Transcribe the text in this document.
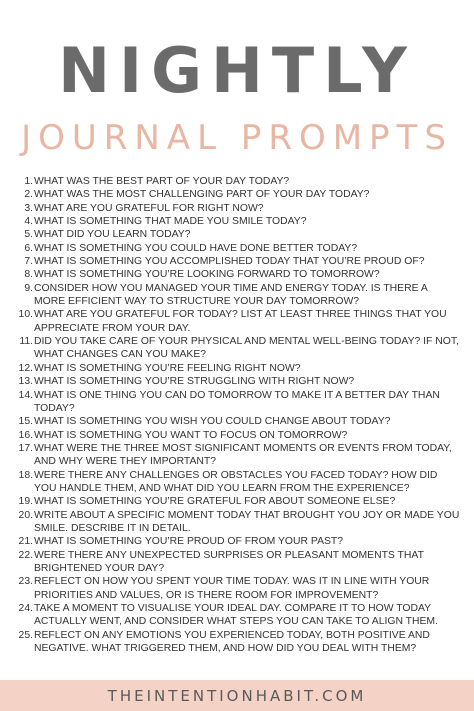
NIGHTLY
JOURNAL PROMPTS
1. WHAT WAS THE BEST PART OF YOUR DAY TODAY?
2. WHAT WAS THE MOST CHALLENGING PART OF YOUR DAY TODAY?
3. WHAT ARE YOU GRATEFUL FOR RIGHT NOW?
4. WHAT IS SOMETHING THAT MADE YOU SMILE TODAY?
5. WHAT DID YOU LEARN TODAY?
6. WHAT IS SOMETHING YOU COULD HAVE DONE BETTER TODAY?
7. WHAT IS SOMETHING YOU ACCOMPLISHED TODAY THAT YOU’RE PROUD OF?
8. WHAT IS SOMETHING YOU’RE LOOKING FORWARD TO TOMORROW?
9. CONSIDER HOW YOU MANAGED YOUR TIME AND ENERGY TODAY. IS THERE A MORE EFFICIENT WAY TO STRUCTURE YOUR DAY TOMORROW?
10. WHAT ARE YOU GRATEFUL FOR TODAY? LIST AT LEAST THREE THINGS THAT YOU APPRECIATE FROM YOUR DAY.
11. DID YOU TAKE CARE OF YOUR PHYSICAL AND MENTAL WELL-BEING TODAY? IF NOT, WHAT CHANGES CAN YOU MAKE?
12. WHAT IS SOMETHING YOU’RE FEELING RIGHT NOW?
13. WHAT IS SOMETHING YOU’RE STRUGGLING WITH RIGHT NOW?
14. WHAT IS ONE THING YOU CAN DO TOMORROW TO MAKE IT A BETTER DAY THAN TODAY?
15. WHAT IS SOMETHING YOU WISH YOU COULD CHANGE ABOUT TODAY?
16. WHAT IS SOMETHING YOU WANT TO FOCUS ON TOMORROW?
17. WHAT WERE THE THREE MOST SIGNIFICANT MOMENTS OR EVENTS FROM TODAY, AND WHY WERE THEY IMPORTANT?
18. WERE THERE ANY CHALLENGES OR OBSTACLES YOU FACED TODAY? HOW DID YOU HANDLE THEM, AND WHAT DID YOU LEARN FROM THE EXPERIENCE?
19. WHAT IS SOMETHING YOU’RE GRATEFUL FOR ABOUT SOMEONE ELSE?
20. WRITE ABOUT A SPECIFIC MOMENT TODAY THAT BROUGHT YOU JOY OR MADE YOU SMILE. DESCRIBE IT IN DETAIL.
21. WHAT IS SOMETHING YOU’RE PROUD OF FROM YOUR PAST?
22. WERE THERE ANY UNEXPECTED SURPRISES OR PLEASANT MOMENTS THAT BRIGHTENED YOUR DAY?
23. REFLECT ON HOW YOU SPENT YOUR TIME TODAY. WAS IT IN LINE WITH YOUR PRIORITIES AND VALUES, OR IS THERE ROOM FOR IMPROVEMENT?
24. TAKE A MOMENT TO VISUALISE YOUR IDEAL DAY. COMPARE IT TO HOW TODAY ACTUALLY WENT, AND CONSIDER WHAT STEPS YOU CAN TAKE TO ALIGN THEM.
25. REFLECT ON ANY EMOTIONS YOU EXPERIENCED TODAY, BOTH POSITIVE AND NEGATIVE. WHAT TRIGGERED THEM, AND HOW DID YOU DEAL WITH THEM?
THEINTENTIONHABIT.COM
